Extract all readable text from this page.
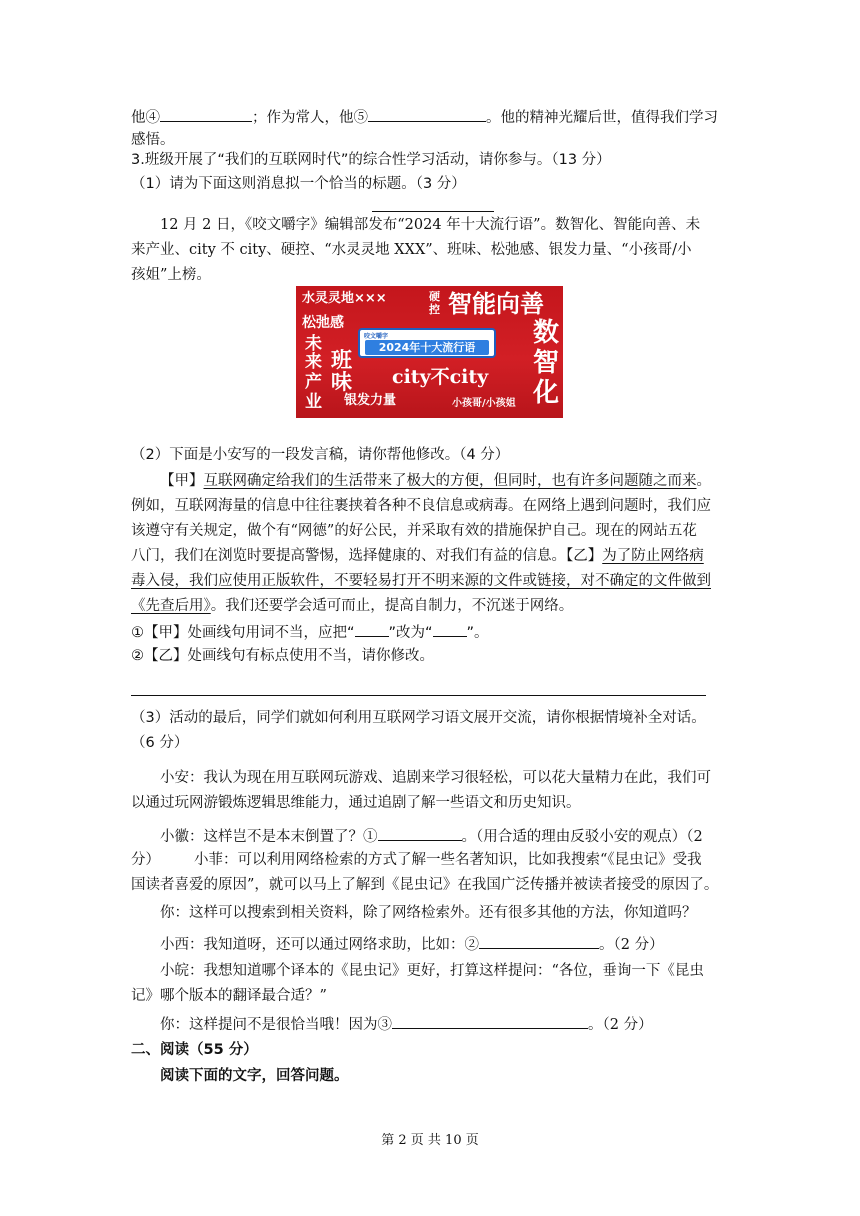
他④	；作为常人，他⑤	。他的精神光耀后世，值得我们学习
感悟。
3.班级开展了“我们的互联网时代”的综合性学习活动，请你参与。（13 分）
（1）请为下面这则消息拟一个恰当的标题。（3 分）
12 月 2 日，《咬文嚼字》编辑部发布“2024 年十大流行语”。数智化、智能向善、未
来产业、city 不 city、硬控、“水灵灵地 XXX”、班味、松弛感、银发力量、“小孩哥/小
孩姐”上榜。
水灵灵地×××	硬
控 智能向善
松弛感
咬文嚼字
2024年十大流行语	数
智
化
未
来
产
业
班
味 city不city
银发力量	小孩哥/小孩姐
（2）下面是小安写的一段发言稿，请你帮他修改。（4 分）
【甲】互联网确定给我们的生活带来了极大的方便，但同时，也有许多问题随之而来。
例如，互联网海量的信息中往往裹挟着各种不良信息或病毒。在网络上遇到问题时，我们应
该遵守有关规定，做个有“网德”的好公民，并采取有效的措施保护自己。现在的网站五花
八门，我们在浏览时要提高警惕，选择健康的、对我们有益的信息。【乙】为了防止网络病
毒入侵，我们应使用正版软件，不要轻易打开不明来源的文件或链接，对不确定的文件做到
《先查后用》。我们还要学会适可而止，提高自制力，不沉迷于网络。
①【甲】处画线句用词不当，应把“ ”改为“ ”。
②【乙】处画线句有标点使用不当，请你修改。
（3）活动的最后，同学们就如何利用互联网学习语文展开交流，请你根据情境补全对话。
（6 分）
小安：我认为现在用互联网玩游戏、追剧来学习很轻松，可以花大量精力在此，我们可
以通过玩网游锻炼逻辑思维能力，通过追剧了解一些语文和历史知识。
小徽：这样岂不是本末倒置了？①	。（用合适的理由反驳小安的观点）（2
分） 小菲：可以利用网络检索的方式了解一些名著知识，比如我搜索“《昆虫记》受我
国读者喜爱的原因”，就可以马上了解到《昆虫记》在我国广泛传播并被读者接受的原因了。
你：这样可以搜索到相关资料，除了网络检索外。还有很多其他的方法，你知道吗？
小西：我知道呀，还可以通过网络求助，比如：②	。（2 分）
小皖：我想知道哪个译本的《昆虫记》更好，打算这样提问：“各位，垂询一下《昆虫
记》哪个版本的翻译最合适？”
你：这样提问不是很恰当哦！因为③	。（2 分）
二、阅读（55 分）
阅读下面的文字，回答问题。
第 2 页 共 10 页
